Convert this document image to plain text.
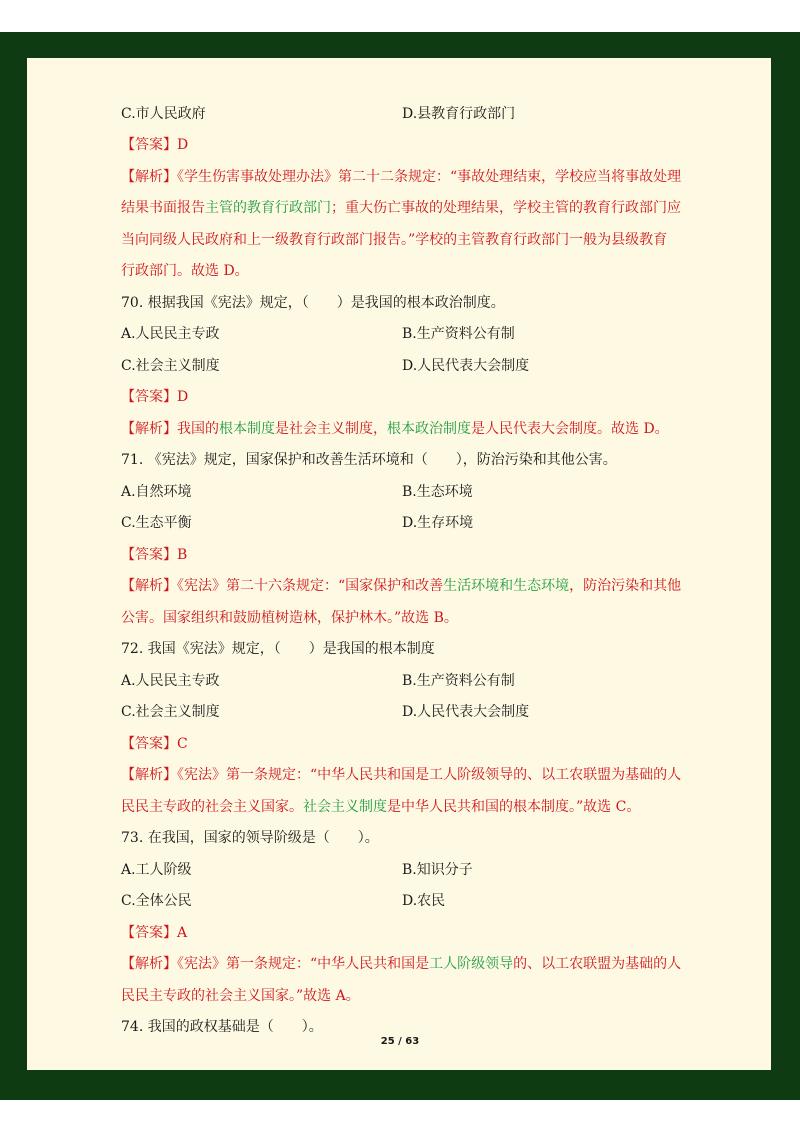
C.市人民政府	D.县教育行政部门
【答案】D
【解析】《学生伤害事故处理办法》第二十二条规定：“事故处理结束，学校应当将事故处理
结果书面报告主管的教育行政部门；重大伤亡事故的处理结果，学校主管的教育行政部门应
当向同级人民政府和上一级教育行政部门报告。”学校的主管教育行政部门一般为县级教育
行政部门。故选 D。
70. 根据我国《宪法》规定，（　　）是我国的根本政治制度。
A.人民民主专政	B.生产资料公有制
C.社会主义制度	D.人民代表大会制度
【答案】D
【解析】我国的根本制度是社会主义制度，根本政治制度是人民代表大会制度。故选 D。
71. 《宪法》规定，国家保护和改善生活环境和（　　），防治污染和其他公害。
A.自然环境	B.生态环境
C.生态平衡	D.生存环境
【答案】B
【解析】《宪法》第二十六条规定：“国家保护和改善生活环境和生态环境，防治污染和其他
公害。国家组织和鼓励植树造林，保护林木。”故选 B。
72. 我国《宪法》规定，（　　）是我国的根本制度
A.人民民主专政	B.生产资料公有制
C.社会主义制度	D.人民代表大会制度
【答案】C
【解析】《宪法》第一条规定：“中华人民共和国是工人阶级领导的、以工农联盟为基础的人
民民主专政的社会主义国家。社会主义制度是中华人民共和国的根本制度。”故选 C。
73. 在我国，国家的领导阶级是（　　）。
A.工人阶级	B.知识分子
C.全体公民	D.农民
【答案】A
【解析】《宪法》第一条规定：“中华人民共和国是工人阶级领导的、以工农联盟为基础的人
民民主专政的社会主义国家。”故选 A。
74. 我国的政权基础是（　　）。
25 / 63
